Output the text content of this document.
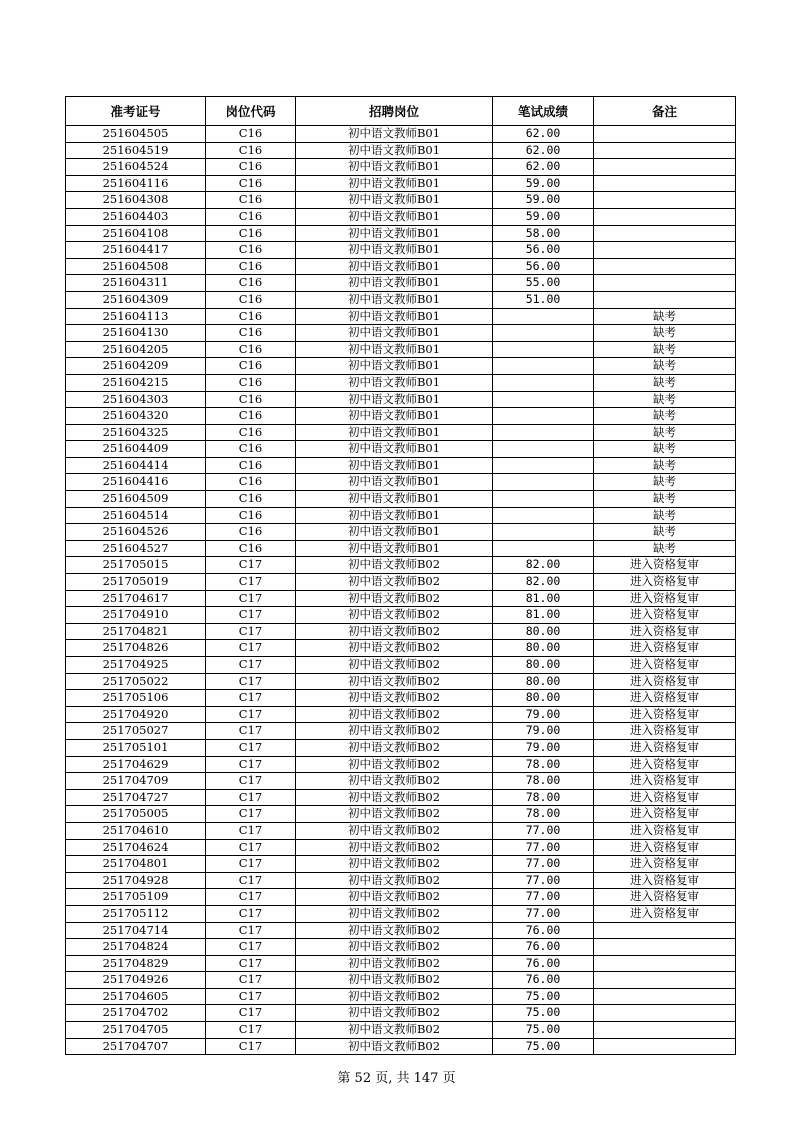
准考证号	岗位代码	招聘岗位	笔试成绩	备注
251604505	C16	初中语文教师B01	62.00	
251604519	C16	初中语文教师B01	62.00	
251604524	C16	初中语文教师B01	62.00	
251604116	C16	初中语文教师B01	59.00	
251604308	C16	初中语文教师B01	59.00	
251604403	C16	初中语文教师B01	59.00	
251604108	C16	初中语文教师B01	58.00	
251604417	C16	初中语文教师B01	56.00	
251604508	C16	初中语文教师B01	56.00	
251604311	C16	初中语文教师B01	55.00	
251604309	C16	初中语文教师B01	51.00	
251604113	C16	初中语文教师B01		缺考
251604130	C16	初中语文教师B01		缺考
251604205	C16	初中语文教师B01		缺考
251604209	C16	初中语文教师B01		缺考
251604215	C16	初中语文教师B01		缺考
251604303	C16	初中语文教师B01		缺考
251604320	C16	初中语文教师B01		缺考
251604325	C16	初中语文教师B01		缺考
251604409	C16	初中语文教师B01		缺考
251604414	C16	初中语文教师B01		缺考
251604416	C16	初中语文教师B01		缺考
251604509	C16	初中语文教师B01		缺考
251604514	C16	初中语文教师B01		缺考
251604526	C16	初中语文教师B01		缺考
251604527	C16	初中语文教师B01		缺考
251705015	C17	初中语文教师B02	82.00	进入资格复审
251705019	C17	初中语文教师B02	82.00	进入资格复审
251704617	C17	初中语文教师B02	81.00	进入资格复审
251704910	C17	初中语文教师B02	81.00	进入资格复审
251704821	C17	初中语文教师B02	80.00	进入资格复审
251704826	C17	初中语文教师B02	80.00	进入资格复审
251704925	C17	初中语文教师B02	80.00	进入资格复审
251705022	C17	初中语文教师B02	80.00	进入资格复审
251705106	C17	初中语文教师B02	80.00	进入资格复审
251704920	C17	初中语文教师B02	79.00	进入资格复审
251705027	C17	初中语文教师B02	79.00	进入资格复审
251705101	C17	初中语文教师B02	79.00	进入资格复审
251704629	C17	初中语文教师B02	78.00	进入资格复审
251704709	C17	初中语文教师B02	78.00	进入资格复审
251704727	C17	初中语文教师B02	78.00	进入资格复审
251705005	C17	初中语文教师B02	78.00	进入资格复审
251704610	C17	初中语文教师B02	77.00	进入资格复审
251704624	C17	初中语文教师B02	77.00	进入资格复审
251704801	C17	初中语文教师B02	77.00	进入资格复审
251704928	C17	初中语文教师B02	77.00	进入资格复审
251705109	C17	初中语文教师B02	77.00	进入资格复审
251705112	C17	初中语文教师B02	77.00	进入资格复审
251704714	C17	初中语文教师B02	76.00	
251704824	C17	初中语文教师B02	76.00	
251704829	C17	初中语文教师B02	76.00	
251704926	C17	初中语文教师B02	76.00	
251704605	C17	初中语文教师B02	75.00	
251704702	C17	初中语文教师B02	75.00	
251704705	C17	初中语文教师B02	75.00	
251704707	C17	初中语文教师B02	75.00	
第 52 页, 共 147 页
